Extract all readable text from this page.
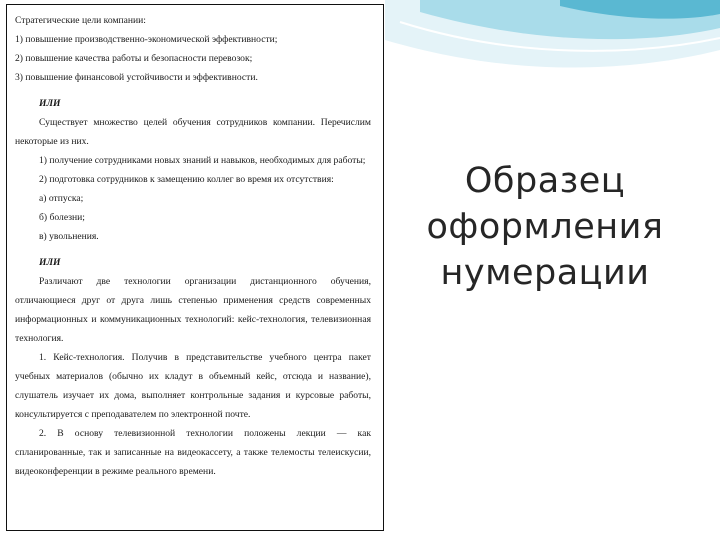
Стратегические цели компании:

1) повышение производственно-экономической эффективности;

2) повышение качества работы и безопасности перевозок;

3) повышение финансовой устойчивости и эффективности.

ИЛИ

Существует множество целей обучения сотрудников компании. Перечислим некоторые из них.

1) получение сотрудниками новых знаний и навыков, необходимых для работы;

2) подготовка сотрудников к замещению коллег во время их отсутствия:

а) отпуска;

б) болезни;

в) увольнения.

ИЛИ

Различают две технологии организации дистанционного обучения, отличающиеся друг от друга лишь степенью применения средств современных информационных и коммуникационных технологий: кейс-технология, телевизионная технология.

1. Кейс-технология. Получив в представительстве учебного центра пакет учебных материалов (обычно их кладут в объемный кейс, отсюда и название), слушатель изучает их дома, выполняет контрольные задания и курсовые работы, консультируется с преподавателем по электронной почте.

2. В основу телевизионной технологии положены лекции — как спланированные, так и записанные на видеокассету, а также телемосты телеискусии, видеоконференции в режиме реального времени.

Образец оформления нумерации
